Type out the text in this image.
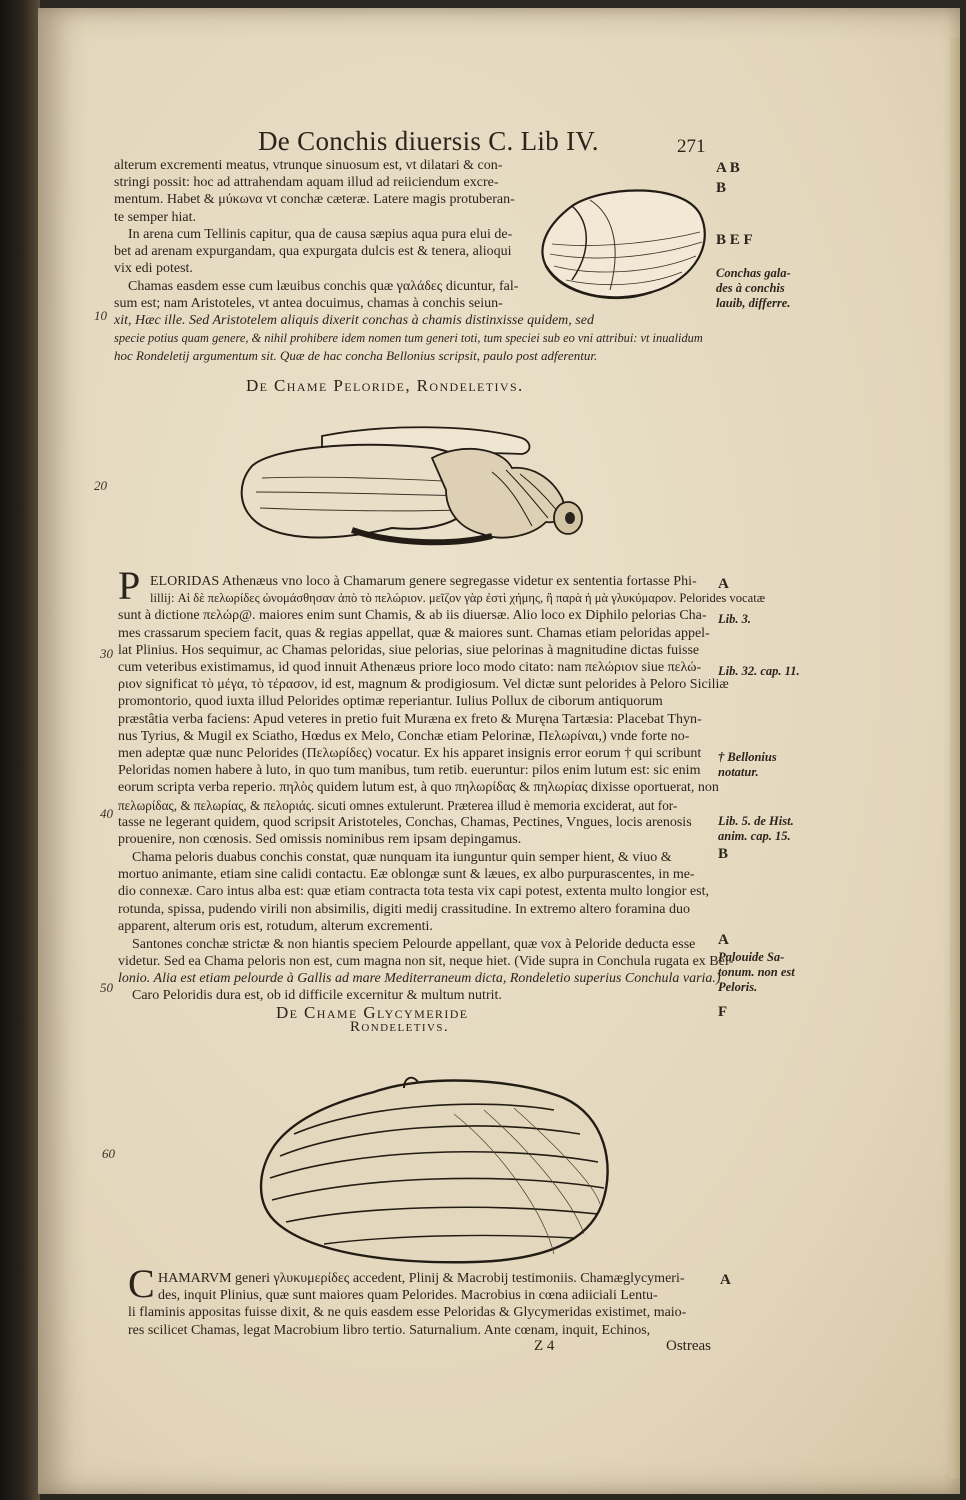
De Conchis diuersis C. Lib IV.	271
alterum excrementi meatus, vtrunque sinuosum est, vt dilatari & con-
stringi possit: hoc ad attrahendam aquam illud ad reiiciendum excre-
mentum. Habet & μύκωνα vt conchæ cæteræ. Latere magis protuberan-
te semper hiat.
In arena cum Tellinis capitur, qua de causa sæpius aqua pura elui de-
bet ad arenam expurgandam, qua expurgata dulcis est & tenera, alioqui
vix edi potest.
Chamas easdem esse cum læuibus conchis quæ γαλάδες dicuntur, fal-
sum est; nam Aristoteles, vt antea docuimus, chamas à conchis seiun-
xit, Hæc ille. Sed Aristotelem aliquis dixerit conchas à chamis distinxisse quidem, sed
specie potius quam genere, & nihil prohibere idem nomen tum generi toti, tum speciei sub eo vni attribui: vt inualidum
hoc Rondeletij argumentum sit. Quæ de hac concha Bellonius scripsit, paulo post adferentur.
De Chame Peloride, Rondeletivs.
P ELORIDAS Athenæus vno loco à Chamarum genere segregasse videtur ex sententia fortasse Phi-
lillij: Αἱ δὲ πελωρίδες ὠνομάσθησαν ἀπὸ τὸ πελώριον. μεῖζον γὰρ ἐστὶ χήμης, ἢ παρὰ ἡ μὰ γλυκύμαρον. Pelorides vocatæ
sunt à dictione πελώρ@. maiores enim sunt Chamis, & ab iis diuersæ. Alio loco ex Diphilo pelorias Cha-
mes crassarum speciem facit, quas & regias appellat, quæ & maiores sunt. Chamas etiam peloridas appel-
lat Plinius. Hos sequimur, ac Chamas peloridas, siue pelorias, siue pelorinas à magnitudine dictas fuisse
cum veteribus existimamus, id quod innuit Athenæus priore loco modo citato: nam πελώριον siue πελώ-
ριον significat τὸ μέγα, τὸ τέρασον, id est, magnum & prodigiosum. Vel dictæ sunt pelorides à Peloro Siciliæ
promontorio, quod iuxta illud Pelorides optimæ reperiantur. Iulius Pollux de ciborum antiquorum
præstâtia verba faciens: Apud veteres in pretio fuit Muræna ex freto & Muręna Tartæsia: Placebat Thyn-
nus Tyrius, & Mugil ex Sciatho, Hœdus ex Melo, Conchæ etiam Pelorinæ, Πελωρίναι,) vnde forte no-
men adeptæ quæ nunc Pelorides (Πελωρίδες) vocatur. Ex his apparet insignis error eorum † qui scribunt
Peloridas nomen habere à luto, in quo tum manibus, tum retib. eueruntur: pilos enim lutum est: sic enim
eorum scripta verba reperio. πηλὸς quidem lutum est, à quo πηλωρίδας & πηλωρίας dixisse oportuerat, non
πελωρίδας, & πελωρίας, & πελοριάς. sicuti omnes extulerunt. Præterea illud è memoria exciderat, aut for-
tasse ne legerant quidem, quod scripsit Aristoteles, Conchas, Chamas, Pectines, Vngues, locis arenosis
prouenire, non cœnosis. Sed omissis nominibus rem ipsam depingamus.
Chama peloris duabus conchis constat, quæ nunquam ita iunguntur quin semper hient, & viuo &
mortuo animante, etiam sine calidi contactu. Eæ oblongæ sunt & læues, ex albo purpurascentes, in me-
dio connexæ. Caro intus alba est: quæ etiam contracta tota testa vix capi potest, extenta multo longior est,
rotunda, spissa, pudendo virili non absimilis, digiti medij crassitudine. In extremo altero foramina duo
apparent, alterum oris est, rotudum, alterum excrementi.
Santones conchæ strictæ & non hiantis speciem Pelourde appellant, quæ vox à Peloride deducta esse
videtur. Sed ea Chama peloris non est, cum magna non sit, neque hiet. (Vide supra in Conchula rugata ex Bel-
lonio. Alia est etiam pelourde à Gallis ad mare Mediterraneum dicta, Rondeletio superius Conchula varia.)
Caro Peloridis dura est, ob id difficile excernitur & multum nutrit.
De Chame Glycymeride
Rondeletivs.
C HAMARVM generi γλυκυμερίδες accedent, Plinij & Macrobij testimoniis. Chamæglycymeri-
des, inquit Plinius, quæ sunt maiores quam Pelorides. Macrobius in cœna adiiciali Lentu-
li flaminis appositas fuisse dixit, & ne quis easdem esse Peloridas & Glycymeridas existimet, maio-
res scilicet Chamas, legat Macrobium libro tertio. Saturnalium. Ante cœnam, inquit, Echinos,
Z 4	Ostreas
A B
B
B E F
Conchas gala-
des à conchis
lauib, differre.
A
Lib. 3.
Lib. 32. cap. 11.
† Bellonius
notatur.
Lib. 5. de Hist.
anim. cap. 15.
B
A
Palouide Sa-
tonum. non est
Peloris.
F
A
10
20
30
40
50
60
